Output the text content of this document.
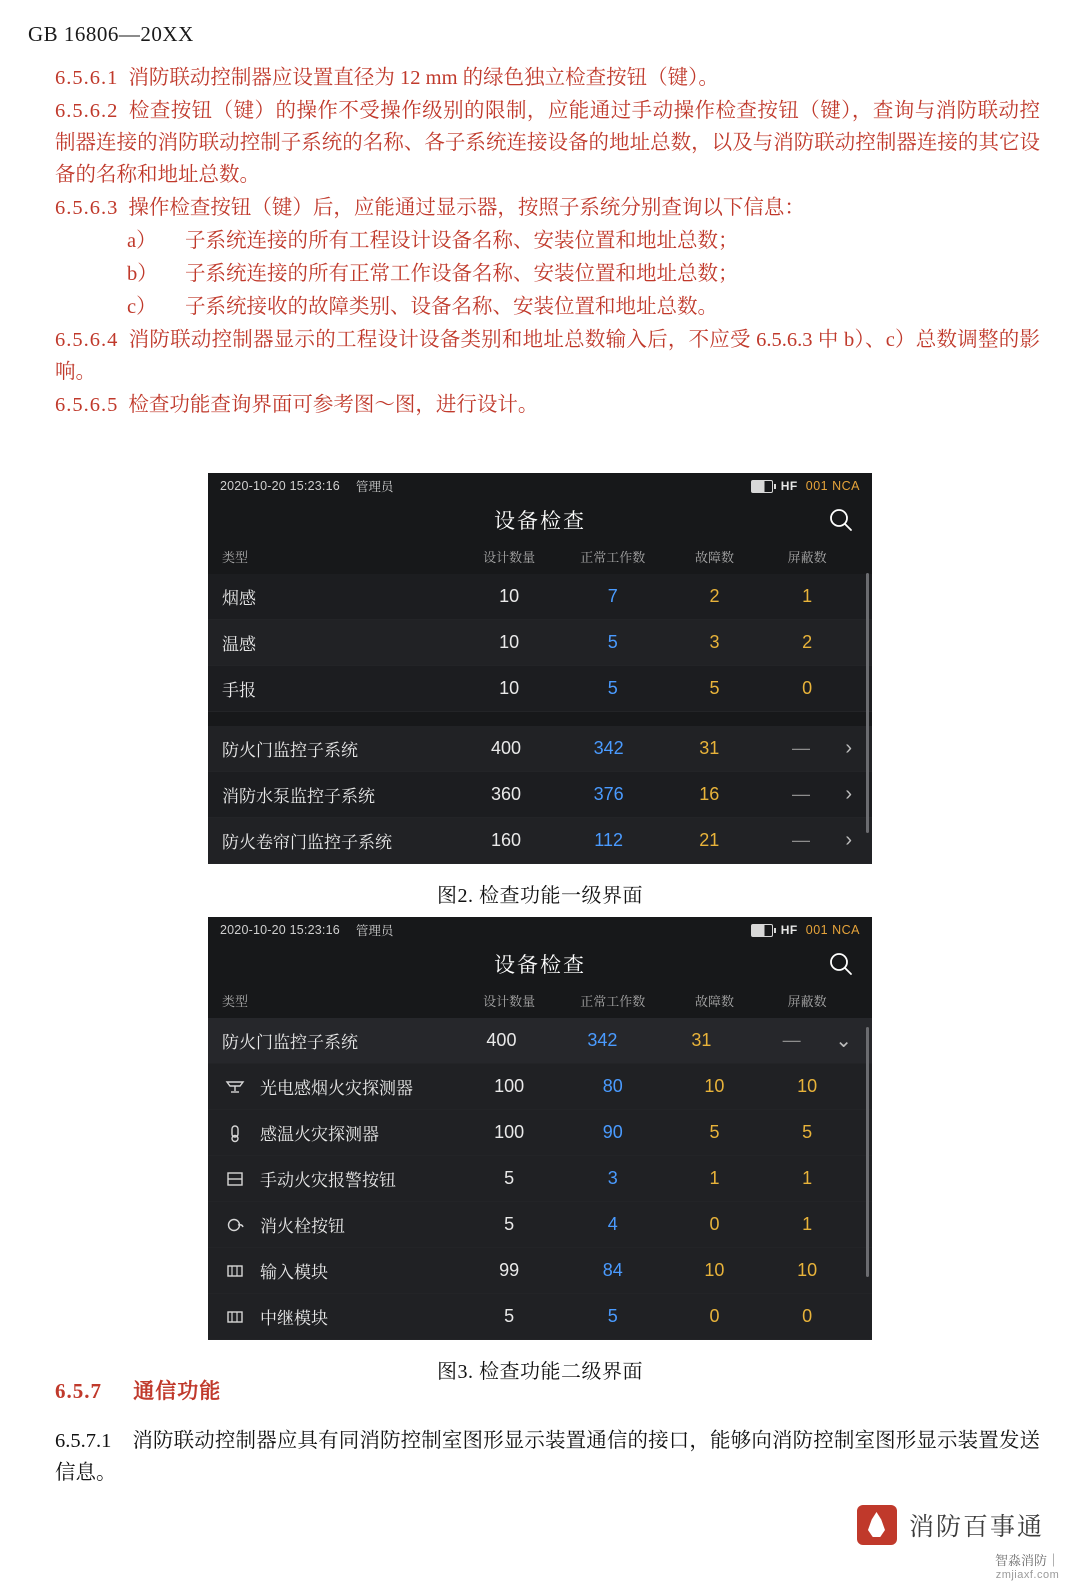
GB 16806—20XX

6.5.6.1 消防联动控制器应设置直径为 12 mm 的绿色独立检查按钮（键）。

6.5.6.2 检查按钮（键）的操作不受操作级别的限制，应能通过手动操作检查按钮（键），查询与消防联动控制器连接的消防联动控制子系统的名称、各子系统连接设备的地址总数，以及与消防联动控制器连接的其它设备的名称和地址总数。

6.5.6.3 操作检查按钮（键）后，应能通过显示器，按照子系统分别查询以下信息：

a） 子系统连接的所有工程设计设备名称、安装位置和地址总数；

b） 子系统连接的所有正常工作设备名称、安装位置和地址总数；

c） 子系统接收的故障类别、设备名称、安装位置和地址总数。

6.5.6.4 消防联动控制器显示的工程设计设备类别和地址总数输入后，不应受 6.5.6.3 中 b）、c）总数调整的影响。

6.5.6.5 检查功能查询界面可参考图～图，进行设计。

2020-10-20 15:23:16 管理员	HF 001 NCA
设备检查
类型	设计数量	正常工作数	故障数	屏蔽数
烟感	10	7	2	1
温感	10	5	3	2
手报	10	5	5	0
防火门监控子系统	400	342	31	—	›
消防水泵监控子系统	360	376	16	—	›
防火卷帘门监控子系统	160	112	21	—	›
图2. 检查功能一级界面
2020-10-20 15:23:16 管理员	HF 001 NCA
设备检查
类型	设计数量	正常工作数	故障数	屏蔽数
防火门监控子系统	400	342	31	—	⌄
光电感烟火灾探测器	100	80	10	10
感温火灾探测器	100	90	5	5
手动火灾报警按钮	5	3	1	1
消火栓按钮	5	4	0	1
输入模块	99	84	10	10
中继模块	5	5	0	0
图3. 检查功能二级界面
6.5.7 通信功能
6.5.7.1 消防联动控制器应具有同消防控制室图形显示装置通信的接口，能够向消防控制室图形显示装置发送信息。
消防百事通
智淼消防｜
zmjiaxf.com
